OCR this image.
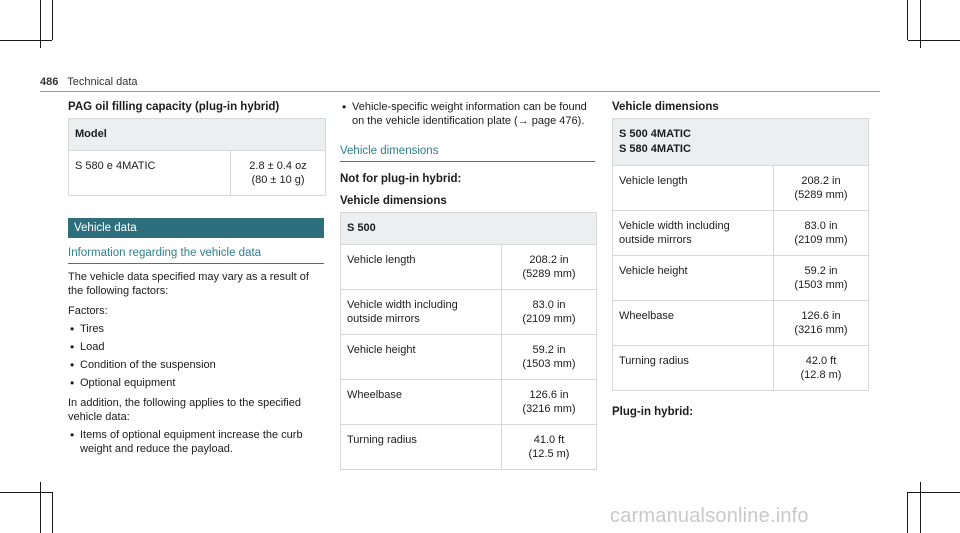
486 Technical data
PAG oil filling capacity (plug-in hybrid)
Model
S 580 e 4MATIC	2.8 ± 0.4 oz
(80 ± 10 g)
Vehicle data
Information regarding the vehicle data

The vehicle data specified may vary as a result of the following factors:

Factors:

• Tires
• Load
• Condition of the suspension
• Optional equipment

In addition, the following applies to the specified vehicle data:

• Items of optional equipment increase the curb weight and reduce the payload.
• Vehicle-specific weight information can be found on the vehicle identification plate (→ page 476).
Vehicle dimensions
Not for plug-in hybrid:
Vehicle dimensions
S 500
Vehicle length	208.2 in
(5289 mm)
Vehicle width including outside mirrors
83.0 in
(2109 mm)
Vehicle height	59.2 in
(1503 mm)
Wheelbase	126.6 in
(3216 mm)
Turning radius	41.0 ft
(12.5 m)
Vehicle dimensions
S 500 4MATIC
S 580 4MATIC
Vehicle length	208.2 in
(5289 mm)
Vehicle width including outside mirrors
83.0 in
(2109 mm)
Vehicle height	59.2 in
(1503 mm)
Wheelbase	126.6 in
(3216 mm)
Turning radius	42.0 ft
(12.8 m)
Plug-in hybrid:
carmanualsonline.info
